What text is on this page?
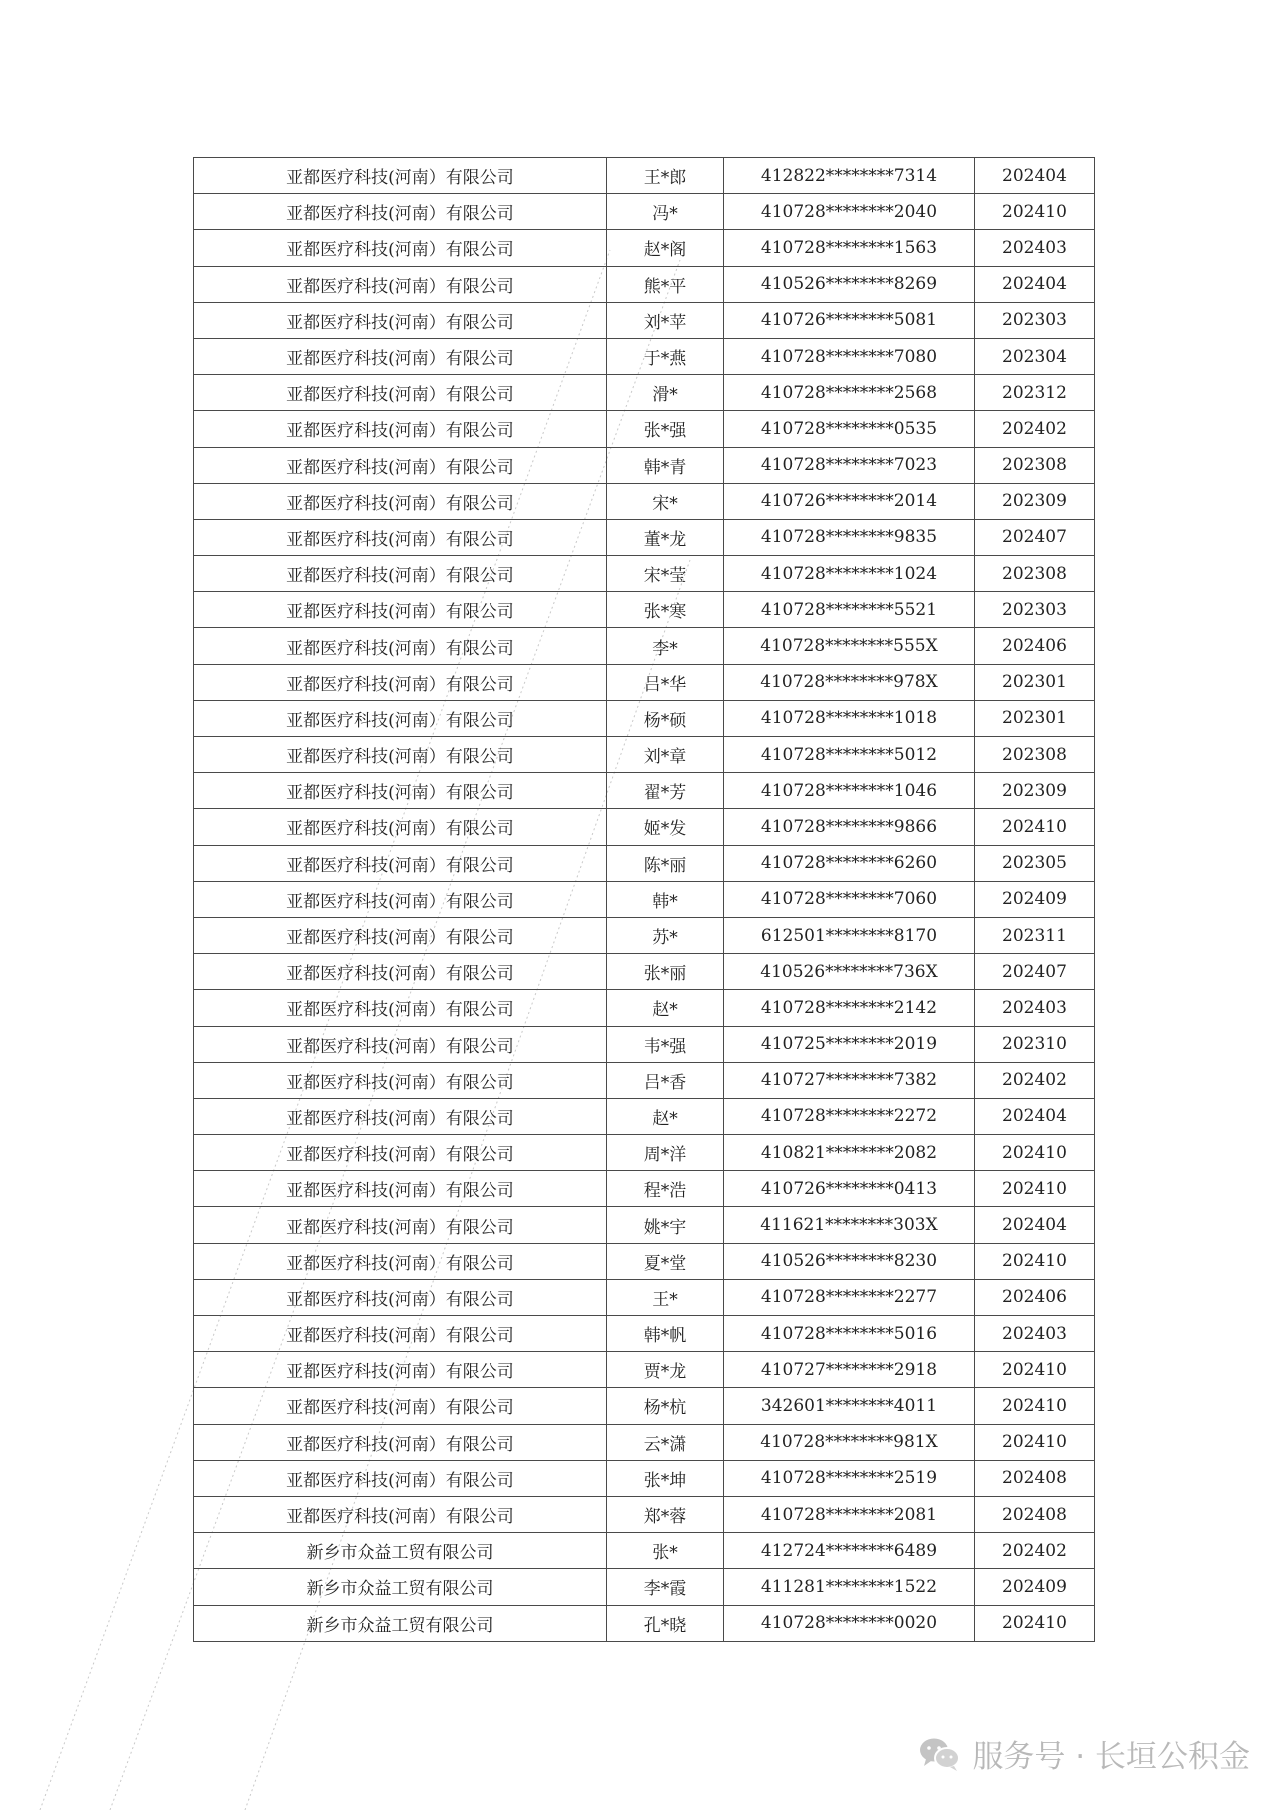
亚都医疗科技(河南）有限公司	王*郎	412822********7314	202404
亚都医疗科技(河南）有限公司	冯*	410728********2040	202410
亚都医疗科技(河南）有限公司	赵*阁	410728********1563	202403
亚都医疗科技(河南）有限公司	熊*平	410526********8269	202404
亚都医疗科技(河南）有限公司	刘*苹	410726********5081	202303
亚都医疗科技(河南）有限公司	于*燕	410728********7080	202304
亚都医疗科技(河南）有限公司	滑*	410728********2568	202312
亚都医疗科技(河南）有限公司	张*强	410728********0535	202402
亚都医疗科技(河南）有限公司	韩*青	410728********7023	202308
亚都医疗科技(河南）有限公司	宋*	410726********2014	202309
亚都医疗科技(河南）有限公司	董*龙	410728********9835	202407
亚都医疗科技(河南）有限公司	宋*莹	410728********1024	202308
亚都医疗科技(河南）有限公司	张*寒	410728********5521	202303
亚都医疗科技(河南）有限公司	李*	410728********555X	202406
亚都医疗科技(河南）有限公司	吕*华	410728********978X	202301
亚都医疗科技(河南）有限公司	杨*硕	410728********1018	202301
亚都医疗科技(河南）有限公司	刘*章	410728********5012	202308
亚都医疗科技(河南）有限公司	翟*芳	410728********1046	202309
亚都医疗科技(河南）有限公司	姬*发	410728********9866	202410
亚都医疗科技(河南）有限公司	陈*丽	410728********6260	202305
亚都医疗科技(河南）有限公司	韩*	410728********7060	202409
亚都医疗科技(河南）有限公司	苏*	612501********8170	202311
亚都医疗科技(河南）有限公司	张*丽	410526********736X	202407
亚都医疗科技(河南）有限公司	赵*	410728********2142	202403
亚都医疗科技(河南）有限公司	韦*强	410725********2019	202310
亚都医疗科技(河南）有限公司	吕*香	410727********7382	202402
亚都医疗科技(河南）有限公司	赵*	410728********2272	202404
亚都医疗科技(河南）有限公司	周*洋	410821********2082	202410
亚都医疗科技(河南）有限公司	程*浩	410726********0413	202410
亚都医疗科技(河南）有限公司	姚*宇	411621********303X	202404
亚都医疗科技(河南）有限公司	夏*堂	410526********8230	202410
亚都医疗科技(河南）有限公司	王*	410728********2277	202406
亚都医疗科技(河南）有限公司	韩*帆	410728********5016	202403
亚都医疗科技(河南）有限公司	贾*龙	410727********2918	202410
亚都医疗科技(河南）有限公司	杨*杭	342601********4011	202410
亚都医疗科技(河南）有限公司	云*潇	410728********981X	202410
亚都医疗科技(河南）有限公司	张*坤	410728********2519	202408
亚都医疗科技(河南）有限公司	郑*蓉	410728********2081	202408
新乡市众益工贸有限公司	张*	412724********6489	202402
新乡市众益工贸有限公司	李*霞	411281********1522	202409
新乡市众益工贸有限公司	孔*晓	410728********0020	202410
服务号 · 长垣公积金
